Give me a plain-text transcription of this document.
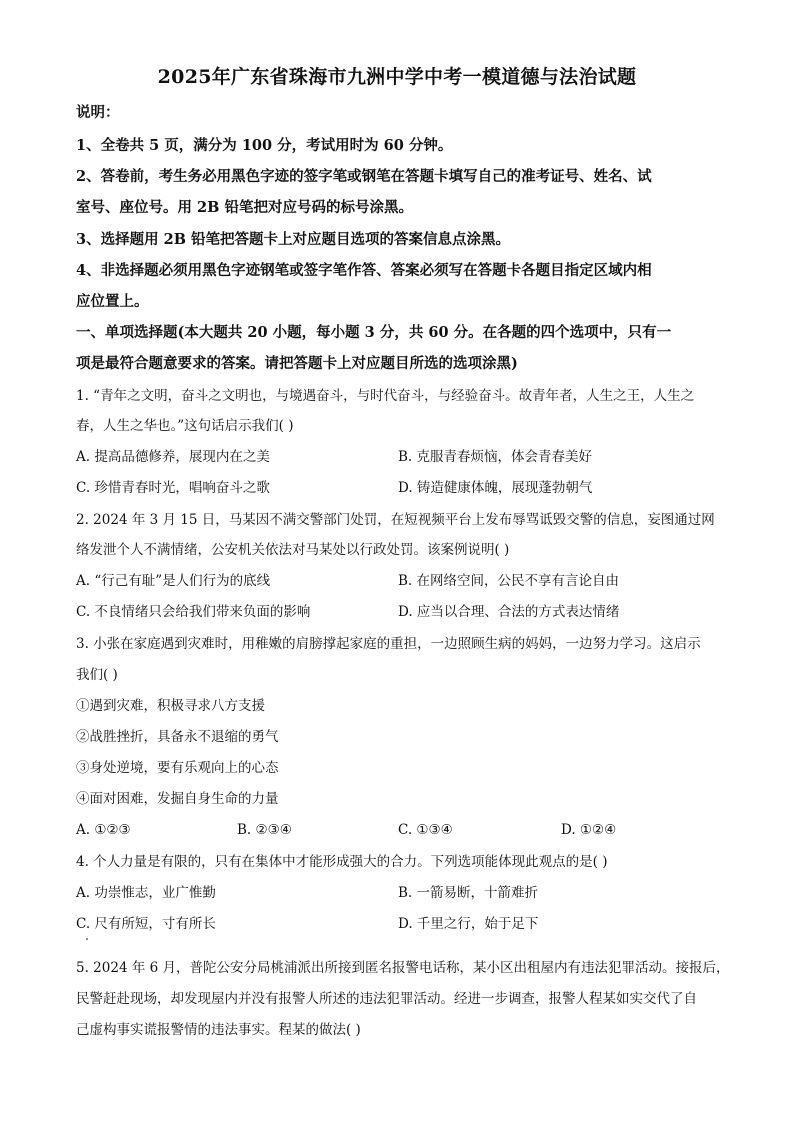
2025年广东省珠海市九洲中学中考一模道德与法治试题
说明：
1、全卷共 5 页，满分为 100 分，考试用时为 60 分钟。
2、答卷前，考生务必用黑色字迹的签字笔或钢笔在答题卡填写自己的准考证号、姓名、试
室号、座位号。用 2B 铅笔把对应号码的标号涂黑。
3、选择题用 2B 铅笔把答题卡上对应题目选项的答案信息点涂黑。
4、非选择题必须用黑色字迹钢笔或签字笔作答、答案必须写在答题卡各题目指定区域内相
应位置上。
一、单项选择题(本大题共 20 小题，每小题 3 分，共 60 分。在各题的四个选项中，只有一
项是最符合题意要求的答案。请把答题卡上对应题目所选的选项涂黑)
1. “青年之文明，奋斗之文明也，与境遇奋斗，与时代奋斗，与经验奋斗。故青年者，人生之王，人生之
春，人生之华也。”这句话启示我们( )
A. 提高品德修养，展现内在之美	B. 克服青春烦恼，体会青春美好
C. 珍惜青春时光，唱响奋斗之歌	D. 铸造健康体魄，展现蓬勃朝气
2. 2024 年 3 月 15 日，马某因不满交警部门处罚，在短视频平台上发布辱骂诋毁交警的信息，妄图通过网
络发泄个人不满情绪，公安机关依法对马某处以行政处罚。该案例说明( )
A. “行己有耻”是人们行为的底线	B. 在网络空间，公民不享有言论自由
C. 不良情绪只会给我们带来负面的影响	D. 应当以合理、合法的方式表达情绪
3. 小张在家庭遇到灾难时，用稚嫩的肩膀撑起家庭的重担，一边照顾生病的妈妈，一边努力学习。这启示
我们( )
①遇到灾难，积极寻求八方支援
②战胜挫折，具备永不退缩的勇气
③身处逆境，要有乐观向上的心态
④面对困难，发掘自身生命的力量
A. ①②③	B. ②③④	C. ①③④	D. ①②④
4. 个人力量是有限的，只有在集体中才能形成强大的合力。下列选项能体现此观点的是( )
A. 功崇惟志，业广惟勤	B. 一箭易断，十箭难折
C. 尺有所短，寸有所长	D. 千里之行，始于足下
5. 2024 年 6 月，普陀公安分局桃浦派出所接到匿名报警电话称，某小区出租屋内有违法犯罪活动。接报后，
民警赶赴现场，却发现屋内并没有报警人所述的违法犯罪活动。经进一步调查，报警人程某如实交代了自
己虚构事实谎报警情的违法事实。程某的做法( )
